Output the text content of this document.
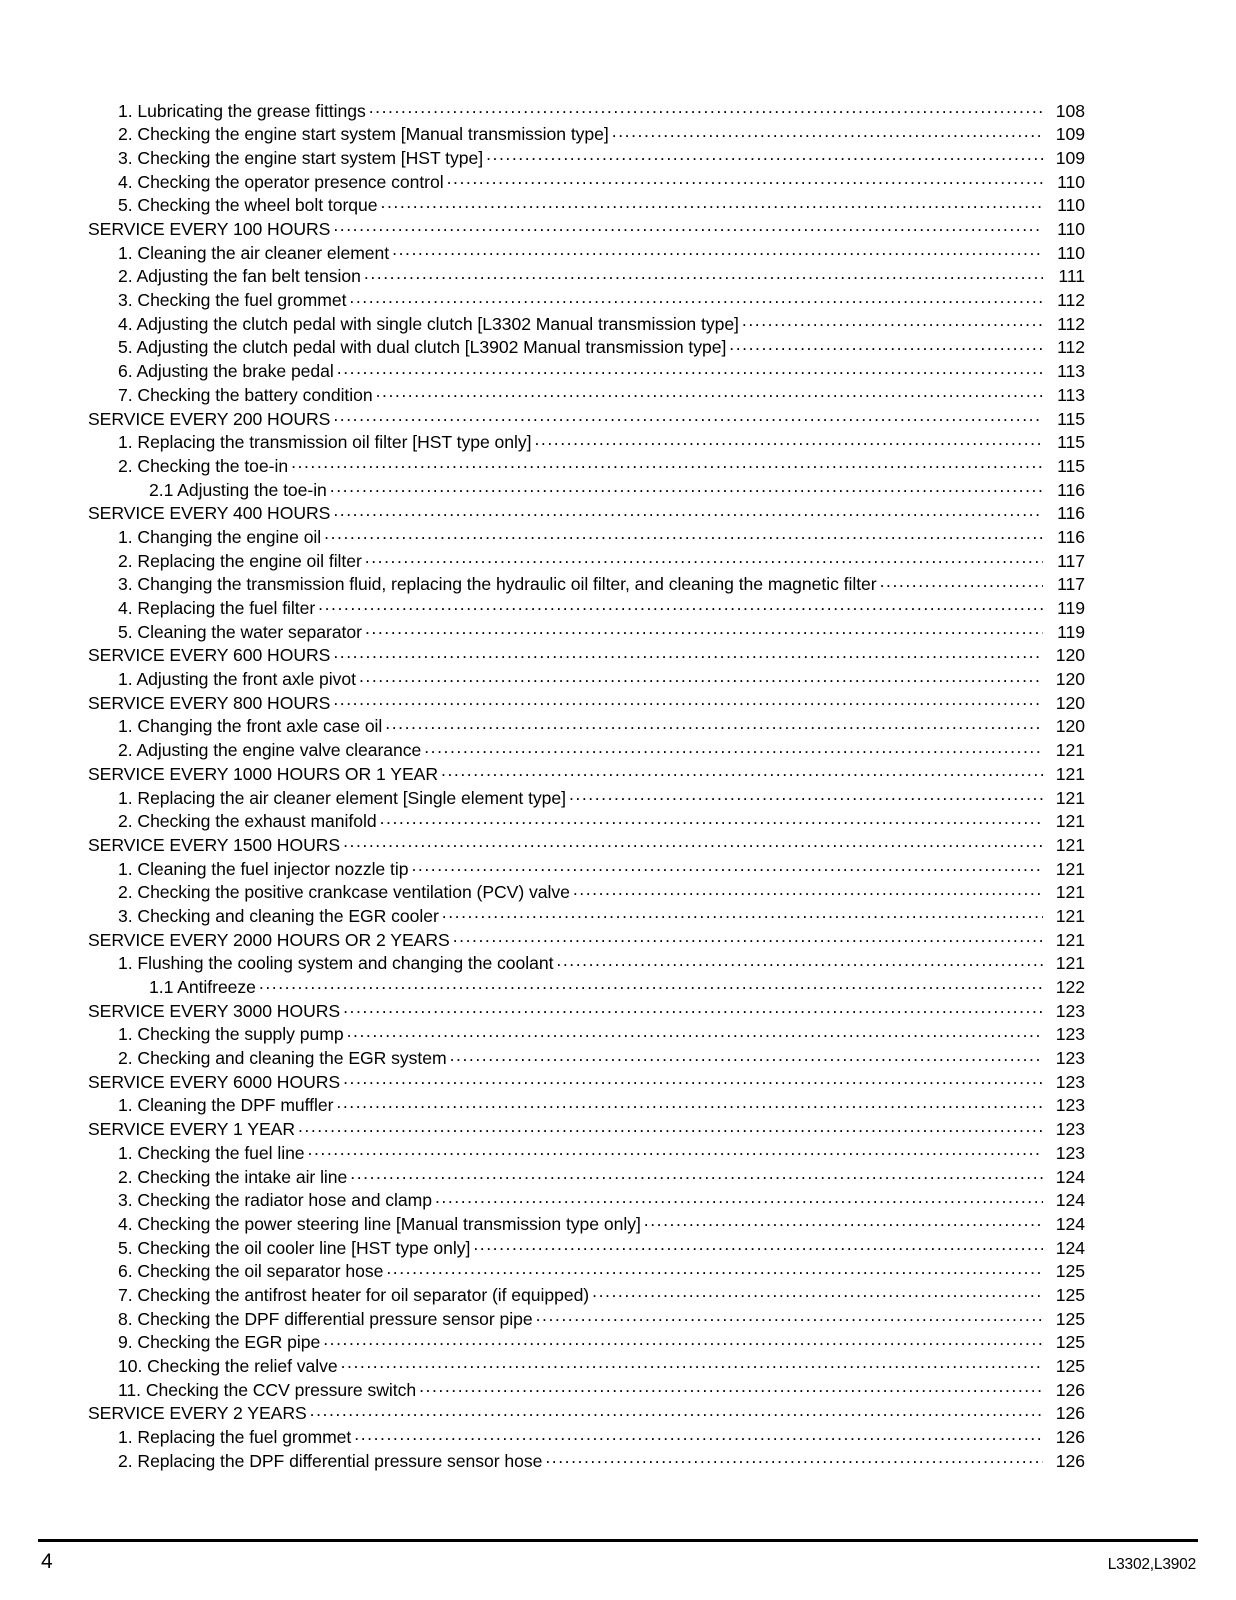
1. Lubricating the grease fittings .....	108
2. Checking the engine start system [Manual transmission type] .....	109
3. Checking the engine start system [HST type] .....	109
4. Checking the operator presence control .....	110
5. Checking the wheel bolt torque .....	110
SERVICE EVERY 100 HOURS .....	110
1. Cleaning the air cleaner element .....	110
2. Adjusting the fan belt tension .....	111
3. Checking the fuel grommet .....	112
4. Adjusting the clutch pedal with single clutch [L3302 Manual transmission type] .....	112
5. Adjusting the clutch pedal with dual clutch [L3902 Manual transmission type] .....	112
6. Adjusting the brake pedal .....	113
7. Checking the battery condition .....	113
SERVICE EVERY 200 HOURS .....	115
1. Replacing the transmission oil filter [HST type only] .....	115
2. Checking the toe-in .....	115
2.1 Adjusting the toe-in .....	116
SERVICE EVERY 400 HOURS .....	116
1. Changing the engine oil .....	116
2. Replacing the engine oil filter .....	117
3. Changing the transmission fluid, replacing the hydraulic oil filter, and cleaning the magnetic filter .....	117
4. Replacing the fuel filter .....	119
5. Cleaning the water separator .....	119
SERVICE EVERY 600 HOURS .....	120
1. Adjusting the front axle pivot .....	120
SERVICE EVERY 800 HOURS .....	120
1. Changing the front axle case oil .....	120
2. Adjusting the engine valve clearance .....	121
SERVICE EVERY 1000 HOURS OR 1 YEAR .....	121
1. Replacing the air cleaner element [Single element type] .....	121
2. Checking the exhaust manifold .....	121
SERVICE EVERY 1500 HOURS .....	121
1. Cleaning the fuel injector nozzle tip .....	121
2. Checking the positive crankcase ventilation (PCV) valve .....	121
3. Checking and cleaning the EGR cooler .....	121
SERVICE EVERY 2000 HOURS OR 2 YEARS .....	121
1. Flushing the cooling system and changing the coolant .....	121
1.1 Antifreeze .....	122
SERVICE EVERY 3000 HOURS .....	123
1. Checking the supply pump .....	123
2. Checking and cleaning the EGR system .....	123
SERVICE EVERY 6000 HOURS .....	123
1. Cleaning the DPF muffler .....	123
SERVICE EVERY 1 YEAR .....	123
1. Checking the fuel line .....	123
2. Checking the intake air line .....	124
3. Checking the radiator hose and clamp .....	124
4. Checking the power steering line [Manual transmission type only] .....	124
5. Checking the oil cooler line [HST type only] .....	124
6. Checking the oil separator hose .....	125
7. Checking the antifrost heater for oil separator (if equipped) .....	125
8. Checking the DPF differential pressure sensor pipe .....	125
9. Checking the EGR pipe .....	125
10. Checking the relief valve .....	125
11. Checking the CCV pressure switch .....	126
SERVICE EVERY 2 YEARS .....	126
1. Replacing the fuel grommet .....	126
2. Replacing the DPF differential pressure sensor hose .....	126
4	L3302,L3902
